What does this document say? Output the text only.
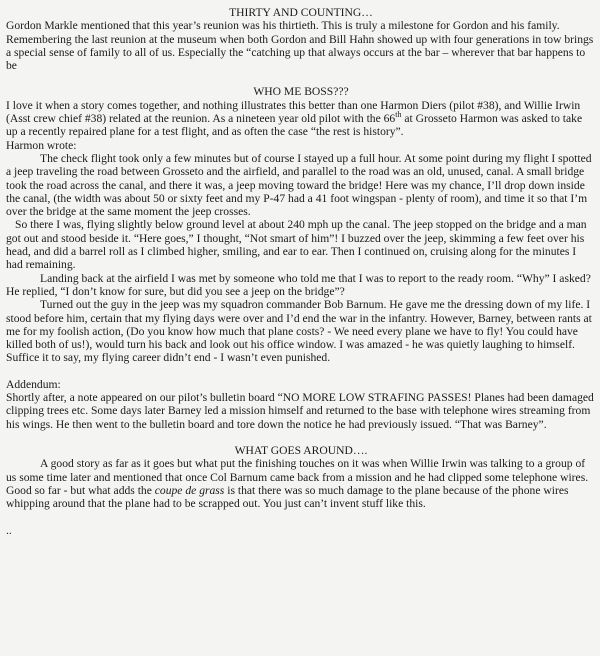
THIRTY AND COUNTING…

Gordon Markle mentioned that this year’s reunion was his thirtieth. This is truly a milestone for Gordon and his family. Remembering the last reunion at the museum when both Gordon and Bill Hahn showed up with four generations in tow brings a special sense of family to all of us. Especially the “catching up that always occurs at the bar – wherever that bar happens to be

WHO ME BOSS???

I love it when a story comes together, and nothing illustrates this better than one Harmon Diers (pilot #38), and Willie Irwin (Asst crew chief #38) related at the reunion. As a nineteen year old pilot with the 66th at Grosseto Harmon was asked to take up a recently repaired plane for a test flight, and as often the case “the rest is history”.

Harmon wrote:

The check flight took only a few minutes but of course I stayed up a full hour. At some point during my flight I spotted a jeep traveling the road between Grosseto and the airfield, and parallel to the road was an old, unused, canal. A small bridge took the road across the canal, and there it was, a jeep moving toward the bridge! Here was my chance, I’ll drop down inside the canal, (the width was about 50 or sixty feet and my P-47 had a 41 foot wingspan - plenty of room), and time it so that I’m over the bridge at the same moment the jeep crosses.

So there I was, flying slightly below ground level at about 240 mph up the canal. The jeep stopped on the bridge and a man got out and stood beside it. “Here goes,” I thought, “Not smart of him”! I buzzed over the jeep, skimming a few feet over his head, and did a barrel roll as I climbed higher, smiling, and ear to ear. Then I continued on, cruising along for the minutes I had remaining.

Landing back at the airfield I was met by someone who told me that I was to report to the ready room. “Why” I asked? He replied, “I don’t know for sure, but did you see a jeep on the bridge”?

Turned out the guy in the jeep was my squadron commander Bob Barnum. He gave me the dressing down of my life. I stood before him, certain that my flying days were over and I’d end the war in the infantry. However, Barney, between rants at me for my foolish action, (Do you know how much that plane costs? - We need every plane we have to fly! You could have killed both of us!), would turn his back and look out his office window. I was amazed - he was quietly laughing to himself. Suffice it to say, my flying career didn’t end - I wasn’t even punished.

Addendum:

Shortly after, a note appeared on our pilot’s bulletin board “NO MORE LOW STRAFING PASSES! Planes had been damaged clipping trees etc. Some days later Barney led a mission himself and returned to the base with telephone wires streaming from his wings. He then went to the bulletin board and tore down the notice he had previously issued. “That was Barney”.

WHAT GOES AROUND….

A good story as far as it goes but what put the finishing touches on it was when Willie Irwin was talking to a group of us some time later and mentioned that once Col Barnum came back from a mission and he had clipped some telephone wires. Good so far - but what adds the coupe de grass is that there was so much damage to the plane because of the phone wires whipping around that the plane had to be scrapped out. You just can’t invent stuff like this.

..
